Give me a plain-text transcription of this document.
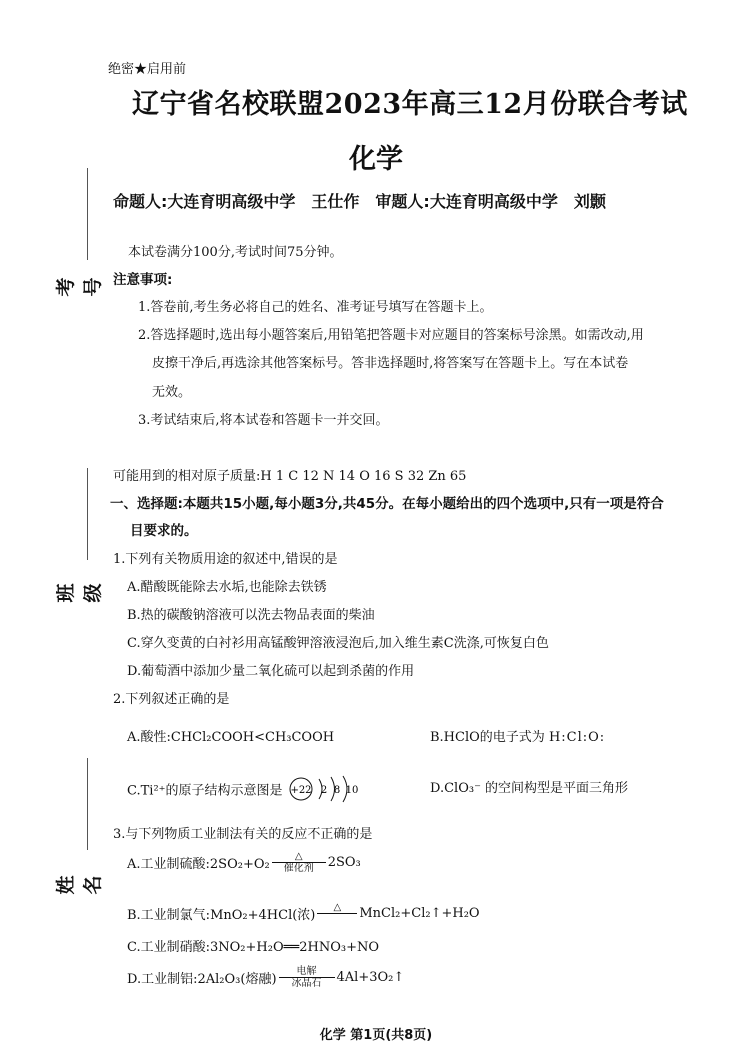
绝密★启用前
辽宁省名校联盟2023年高三12月份联合考试
化学
命题人:大连育明高级中学 王仕作 审题人:大连育明高级中学 刘颢
考号
班级
姓名
本试卷满分100分,考试时间75分钟。
注意事项:
1.答卷前,考生务必将自己的姓名、准考证号填写在答题卡上。
2.答选择题时,选出每小题答案后,用铅笔把答题卡对应题目的答案标号涂黑。如需改动,用
皮擦干净后,再选涂其他答案标号。答非选择题时,将答案写在答题卡上。写在本试卷
无效。
3.考试结束后,将本试卷和答题卡一并交回。
可能用到的相对原子质量:H 1 C 12 N 14 O 16 S 32 Zn 65
一、选择题:本题共15小题,每小题3分,共45分。在每小题给出的四个选项中,只有一项是符合
目要求的。
1.下列有关物质用途的叙述中,错误的是
A.醋酸既能除去水垢,也能除去铁锈
B.热的碳酸钠溶液可以洗去物品表面的柴油
C.穿久变黄的白衬衫用高锰酸钾溶液浸泡后,加入维生素C洗涤,可恢复白色
D.葡萄酒中添加少量二氧化硫可以起到杀菌的作用
2.下列叙述正确的是
A.酸性:CHCl₂COOH<CH₃COOH	B.HClO的电子式为 H:Cl:O:
C.Ti²⁺的原子结构示意图是 +22 2 8 10	D.ClO₃⁻ 的空间构型是平面三角形
3.与下列物质工业制法有关的反应不正确的是
A.工业制硫酸:2SO₂+O₂
△
催化剂	2SO₃
B.工业制氯气:MnO₂+4HCl(浓)
△
	MnCl₂+Cl₂↑+H₂O
C.工业制硝酸:3NO₂+H₂O══2HNO₃+NO
D.工业制铝:2Al₂O₃(熔融)
电解
冰晶石	4Al+3O₂↑
化学 第1页(共8页)
